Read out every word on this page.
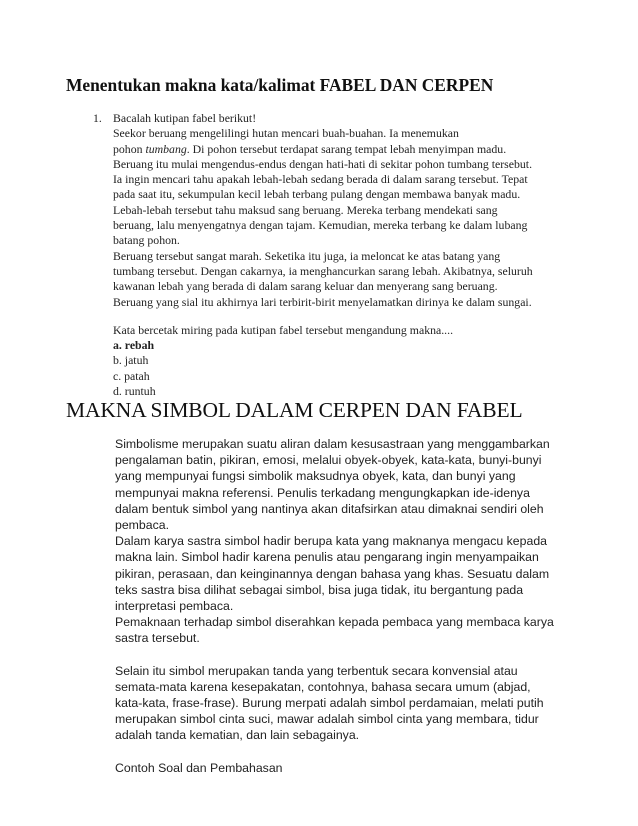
Menentukan makna kata/kalimat FABEL DAN CERPEN
1. Bacalah kutipan fabel berikut!
Seekor beruang mengelilingi hutan mencari buah-buahan. Ia menemukan
pohon tumbang. Di pohon tersebut terdapat sarang tempat lebah menyimpan madu.
Beruang itu mulai mengendus-endus dengan hati-hati di sekitar pohon tumbang tersebut.
Ia ingin mencari tahu apakah lebah-lebah sedang berada di dalam sarang tersebut. Tepat
pada saat itu, sekumpulan kecil lebah terbang pulang dengan membawa banyak madu.
Lebah-lebah tersebut tahu maksud sang beruang. Mereka terbang mendekati sang
beruang, lalu menyengatnya dengan tajam. Kemudian, mereka terbang ke dalam lubang
batang pohon.
Beruang tersebut sangat marah. Seketika itu juga, ia meloncat ke atas batang yang
tumbang tersebut. Dengan cakarnya, ia menghancurkan sarang lebah. Akibatnya, seluruh
kawanan lebah yang berada di dalam sarang keluar dan menyerang sang beruang.
Beruang yang sial itu akhirnya lari terbirit-birit menyelamatkan dirinya ke dalam sungai.
Kata bercetak miring pada kutipan fabel tersebut mengandung makna....
a. rebah
b. jatuh
c. patah
d. runtuh
MAKNA SIMBOL DALAM CERPEN DAN FABEL
Simbolisme merupakan suatu aliran dalam kesusastraan yang menggambarkan
pengalaman batin, pikiran, emosi, melalui obyek-obyek, kata-kata, bunyi-bunyi
yang mempunyai fungsi simbolik maksudnya obyek, kata, dan bunyi yang
mempunyai makna referensi. Penulis terkadang mengungkapkan ide-idenya
dalam bentuk simbol yang nantinya akan ditafsirkan atau dimaknai sendiri oleh
pembaca.
Dalam karya sastra simbol hadir berupa kata yang maknanya mengacu kepada
makna lain. Simbol hadir karena penulis atau pengarang ingin menyampaikan
pikiran, perasaan, dan keinginannya dengan bahasa yang khas. Sesuatu dalam
teks sastra bisa dilihat sebagai simbol, bisa juga tidak, itu bergantung pada
interpretasi pembaca.
Pemaknaan terhadap simbol diserahkan kepada pembaca yang membaca karya
sastra tersebut.
Selain itu simbol merupakan tanda yang terbentuk secara konvensial atau
semata-mata karena kesepakatan, contohnya, bahasa secara umum (abjad,
kata-kata, frase-frase). Burung merpati adalah simbol perdamaian, melati putih
merupakan simbol cinta suci, mawar adalah simbol cinta yang membara, tidur
adalah tanda kematian, dan lain sebagainya.
Contoh Soal dan Pembahasan
